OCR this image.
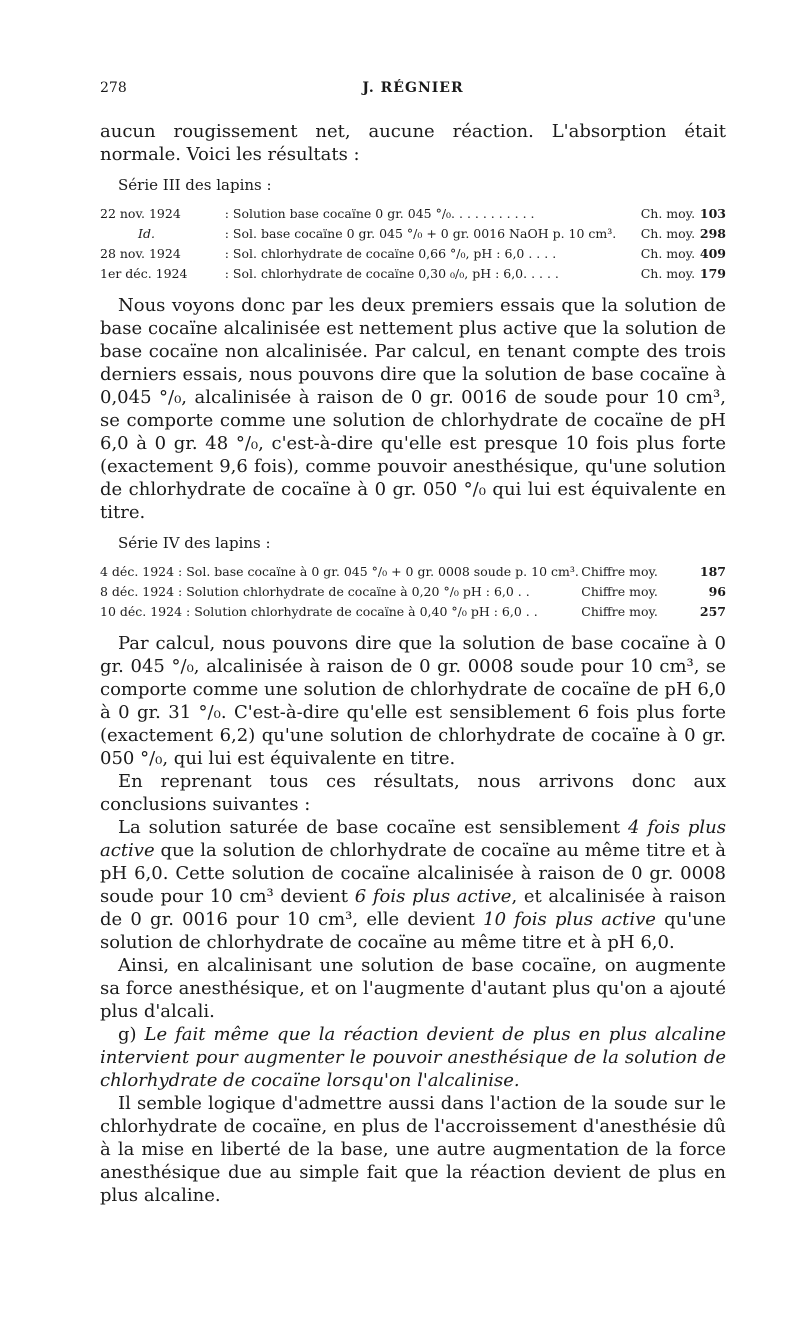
278	J. RÉGNIER

aucun rougissement net, aucune réaction. L'absorption était normale. Voici les résultats :

Série III des lapins :
22 nov. 1924	: Solution base cocaïne 0 gr. 045 °/₀. . . . . . . . . . .	Ch. moy.	103
Id.	: Sol. base cocaïne 0 gr. 045 °/₀ + 0 gr. 0016 NaOH p. 10 cm³.	Ch. moy.	298
28 nov. 1924	: Sol. chlorhydrate de cocaïne 0,66 °/₀, pH : 6,0 . . . .	Ch. moy.	409
1er déc. 1924	: Sol. chlorhydrate de cocaïne 0,30 ₀/₀, pH : 6,0. . . . .	Ch. moy.	179

Nous voyons donc par les deux premiers essais que la solution de base cocaïne alcalinisée est nettement plus active que la solution de base cocaïne non alcalinisée. Par calcul, en tenant compte des trois derniers essais, nous pouvons dire que la solution de base cocaïne à 0,045 °/₀, alcalinisée à raison de 0 gr. 0016 de soude pour 10 cm³, se comporte comme une solution de chlorhydrate de cocaïne de pH 6,0 à 0 gr. 48 °/₀, c'est-à-dire qu'elle est presque 10 fois plus forte (exactement 9,6 fois), comme pouvoir anesthésique, qu'une solution de chlorhydrate de cocaïne à 0 gr. 050 °/₀ qui lui est équivalente en titre.

Série IV des lapins :
4 déc. 1924 : Sol. base cocaïne à 0 gr. 045 °/₀ + 0 gr. 0008 soude p. 10 cm³.	Chiffre moy.	187
8 déc. 1924 : Solution chlorhydrate de cocaïne à 0,20 °/₀ pH : 6,0 . .	Chiffre moy.	96
10 déc. 1924 : Solution chlorhydrate de cocaïne à 0,40 °/₀ pH : 6,0 . .	Chiffre moy.	257

Par calcul, nous pouvons dire que la solution de base cocaïne à 0 gr. 045 °/₀, alcalinisée à raison de 0 gr. 0008 soude pour 10 cm³, se comporte comme une solution de chlorhydrate de cocaïne de pH 6,0 à 0 gr. 31 °/₀. C'est-à-dire qu'elle est sensiblement 6 fois plus forte (exactement 6,2) qu'une solution de chlorhydrate de cocaïne à 0 gr. 050 °/₀, qui lui est équivalente en titre.

En reprenant tous ces résultats, nous arrivons donc aux conclusions suivantes :

La solution saturée de base cocaïne est sensiblement 4 fois plus active que la solution de chlorhydrate de cocaïne au même titre et à pH 6,0. Cette solution de cocaïne alcalinisée à raison de 0 gr. 0008 soude pour 10 cm³ devient 6 fois plus active, et alcalinisée à raison de 0 gr. 0016 pour 10 cm³, elle devient 10 fois plus active qu'une solution de chlorhydrate de cocaïne au même titre et à pH 6,0.

Ainsi, en alcalinisant une solution de base cocaïne, on augmente sa force anesthésique, et on l'augmente d'autant plus qu'on a ajouté plus d'alcali.

g) Le fait même que la réaction devient de plus en plus alcaline intervient pour augmenter le pouvoir anesthésique de la solution de chlorhydrate de cocaïne lorsqu'on l'alcalinise.

Il semble logique d'admettre aussi dans l'action de la soude sur le chlorhydrate de cocaïne, en plus de l'accroissement d'anesthésie dû à la mise en liberté de la base, une autre augmentation de la force anesthésique due au simple fait que la réaction devient de plus en plus alcaline.
